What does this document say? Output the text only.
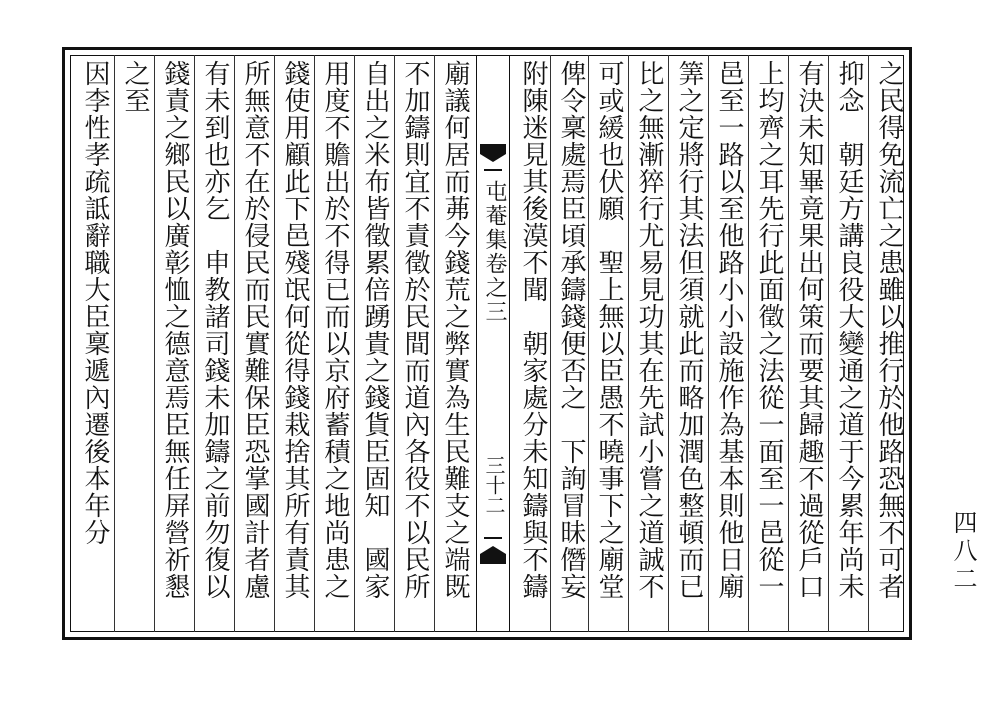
之民得免流亡之患雖以推行於他路恐無不可者
抑念　朝廷方講良役大變通之道于今累年尚未
有決未知畢竟果出何策而要其歸趣不過從戶口
上均齊之耳先行此面徵之法從一面至一邑從一
邑至一路以至他路小小設施作為基本則他日廟
筭之定將行其法但須就此而略加潤色整頓而已
比之無漸猝行尤易見功其在先試小嘗之道誠不
可或緩也伏願　聖上無以臣愚不曉事下之廟堂
俾令稟處焉臣頃承鑄錢便否之　下詢冒昧僭妄
附陳迷見其後漠不聞　朝家處分未知鑄與不鑄
屯菴集卷之三
三十二
廟議何居而茀今錢荒之弊實為生民難支之端既
不加鑄則宜不責徵於民間而道內各役不以民所
自出之米布皆徵累倍踴貴之錢貨臣固知　國家
用度不贍出於不得已而以京府蓄積之地尚患之
錢使用顧此下邑殘氓何從得錢栽捨其所有責其
所無意不在於侵民而民實難保臣恐掌國計者慮
有未到也亦乞　申教諸司錢未加鑄之前勿復以
錢責之鄉民以廣彰恤之德意焉臣無任屏營祈懇
之至
因李性孝疏詆辭職大臣稟遞內遷後本年分
四八二
